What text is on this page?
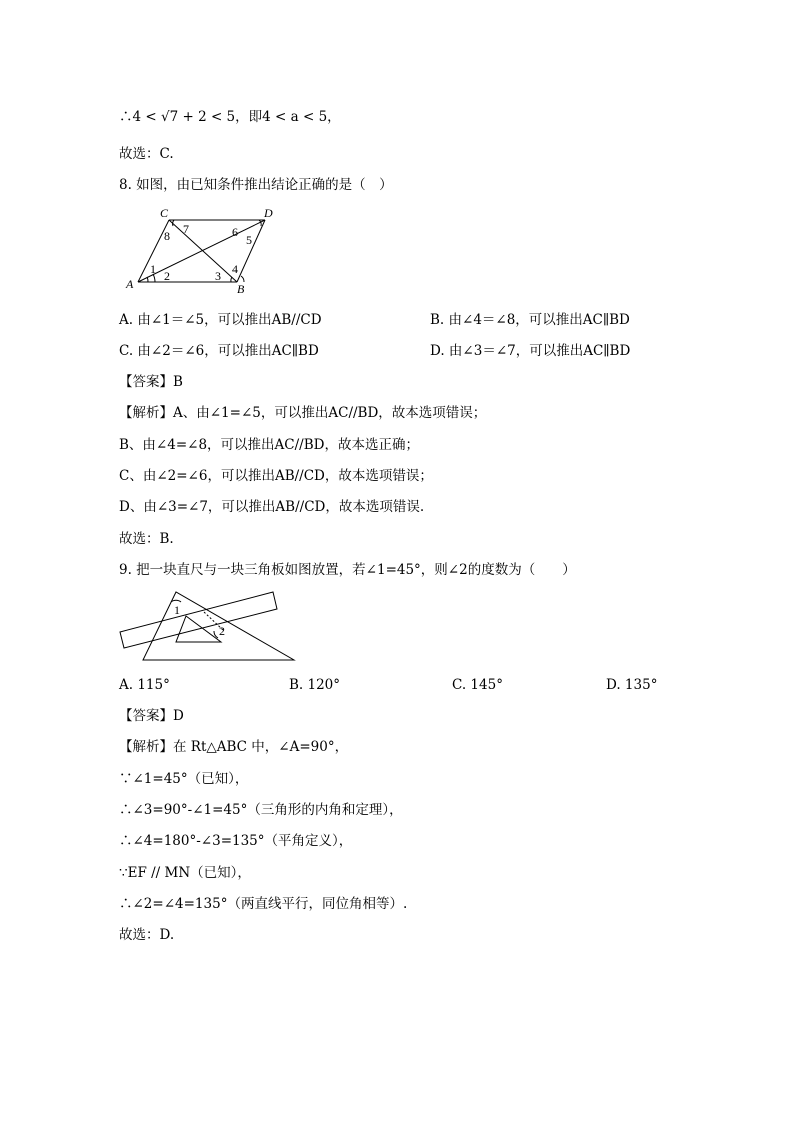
∴4 < √7 + 2 < 5，即4 < a < 5，
故选：C.
8. 如图，由已知条件推出结论正确的是（　）
C	D
A	B
1 2	3 4
5
6
7
8
A. 由∠1＝∠5，可以推出AB//CD	B. 由∠4＝∠8，可以推出AC∥BD
C. 由∠2＝∠6，可以推出AC∥BD	D. 由∠3＝∠7，可以推出AC∥BD
【答案】B
【解析】A、由∠1=∠5，可以推出AC//BD，故本选项错误；
B、由∠4=∠8，可以推出AC//BD，故本选正确；
C、由∠2=∠6，可以推出AB//CD，故本选项错误；
D、由∠3=∠7，可以推出AB//CD，故本选项错误.
故选：B.
9. 把一块直尺与一块三角板如图放置，若∠1=45°，则∠2的度数为（　　）
1
2
A. 115°	B. 120°	C. 145°	D. 135°
【答案】D
【解析】在 Rt△ABC 中，∠A=90°，
∵∠1=45°（已知），
∴∠3=90°-∠1=45°（三角形的内角和定理），
∴∠4=180°-∠3=135°（平角定义），
∵EF // MN（已知），
∴∠2=∠4=135°（两直线平行，同位角相等）.
故选：D.
